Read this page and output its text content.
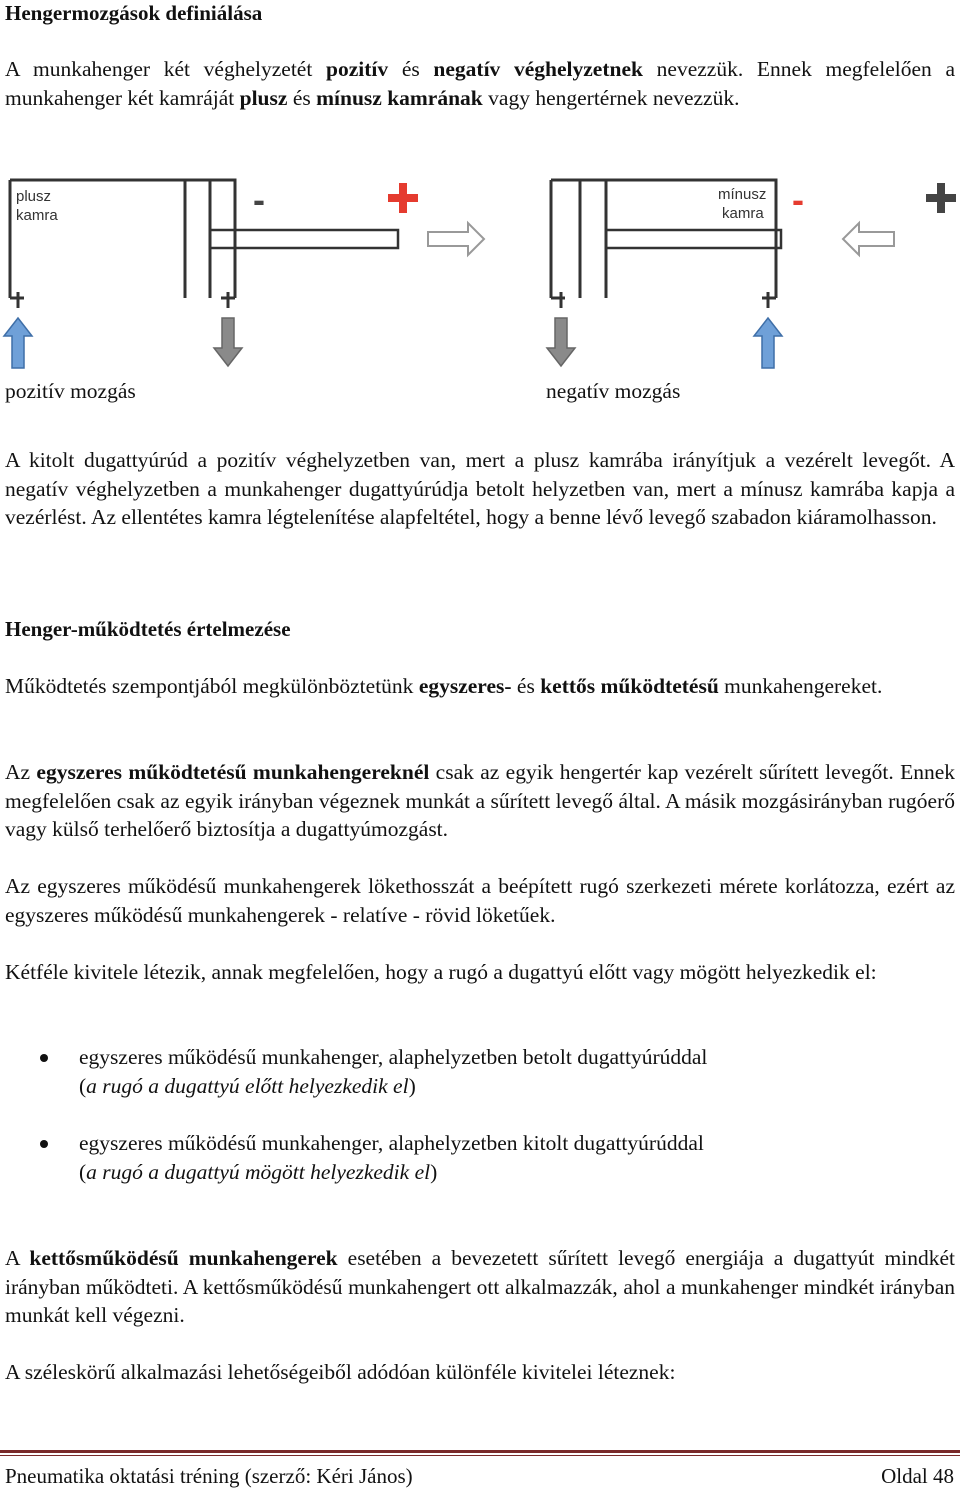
Hengermozgások definiálása

A munkahenger két véghelyzetét pozitív és negatív véghelyzetnek nevezzük. Ennek megfelelően a munkahenger két kamráját plusz és mínusz kamrának vagy hengertérnek nevezzük.

plusz
kamra	-	mínusz
kamra -
pozitív mozgás	negatív mozgás

A kitolt dugattyúrúd a pozitív véghelyzetben van, mert a plusz kamrába irányítjuk a vezérelt levegőt. A negatív véghelyzetben a munkahenger dugattyúrúdja betolt helyzetben van, mert a mínusz kamrába kapja a vezérlést. Az ellentétes kamra légtelenítése alapfeltétel, hogy a benne lévő levegő szabadon kiáramolhasson.

Henger-működtetés értelmezése

Működtetés szempontjából megkülönböztetünk egyszeres- és kettős működtetésű munkahengereket.

Az egyszeres működtetésű munkahengereknél csak az egyik hengertér kap vezérelt sűrített levegőt. Ennek megfelelően csak az egyik irányban végeznek munkát a sűrített levegő által. A másik mozgásirányban rugóerő vagy külső terhelőerő biztosítja a dugattyúmozgást.

Az egyszeres működésű munkahengerek lökethosszát a beépített rugó szerkezeti mérete korlátozza, ezért az egyszeres működésű munkahengerek - relatíve - rövid löketűek.

Kétféle kivitele létezik, annak megfelelően, hogy a rugó a dugattyú előtt vagy mögött helyezkedik el:

egyszeres működésű munkahenger, alaphelyzetben betolt dugattyúrúddal
(a rugó a dugattyú előtt helyezkedik el)

egyszeres működésű munkahenger, alaphelyzetben kitolt dugattyúrúddal
(a rugó a dugattyú mögött helyezkedik el)

A kettősműködésű munkahengerek esetében a bevezetett sűrített levegő energiája a dugattyút mindkét irányban működteti. A kettősműködésű munkahengert ott alkalmazzák, ahol a munkahenger mindkét irányban munkát kell végezni.

A széleskörű alkalmazási lehetőségeiből adódóan különféle kivitelei léteznek:

Pneumatika oktatási tréning (szerző: Kéri János)	Oldal 48
